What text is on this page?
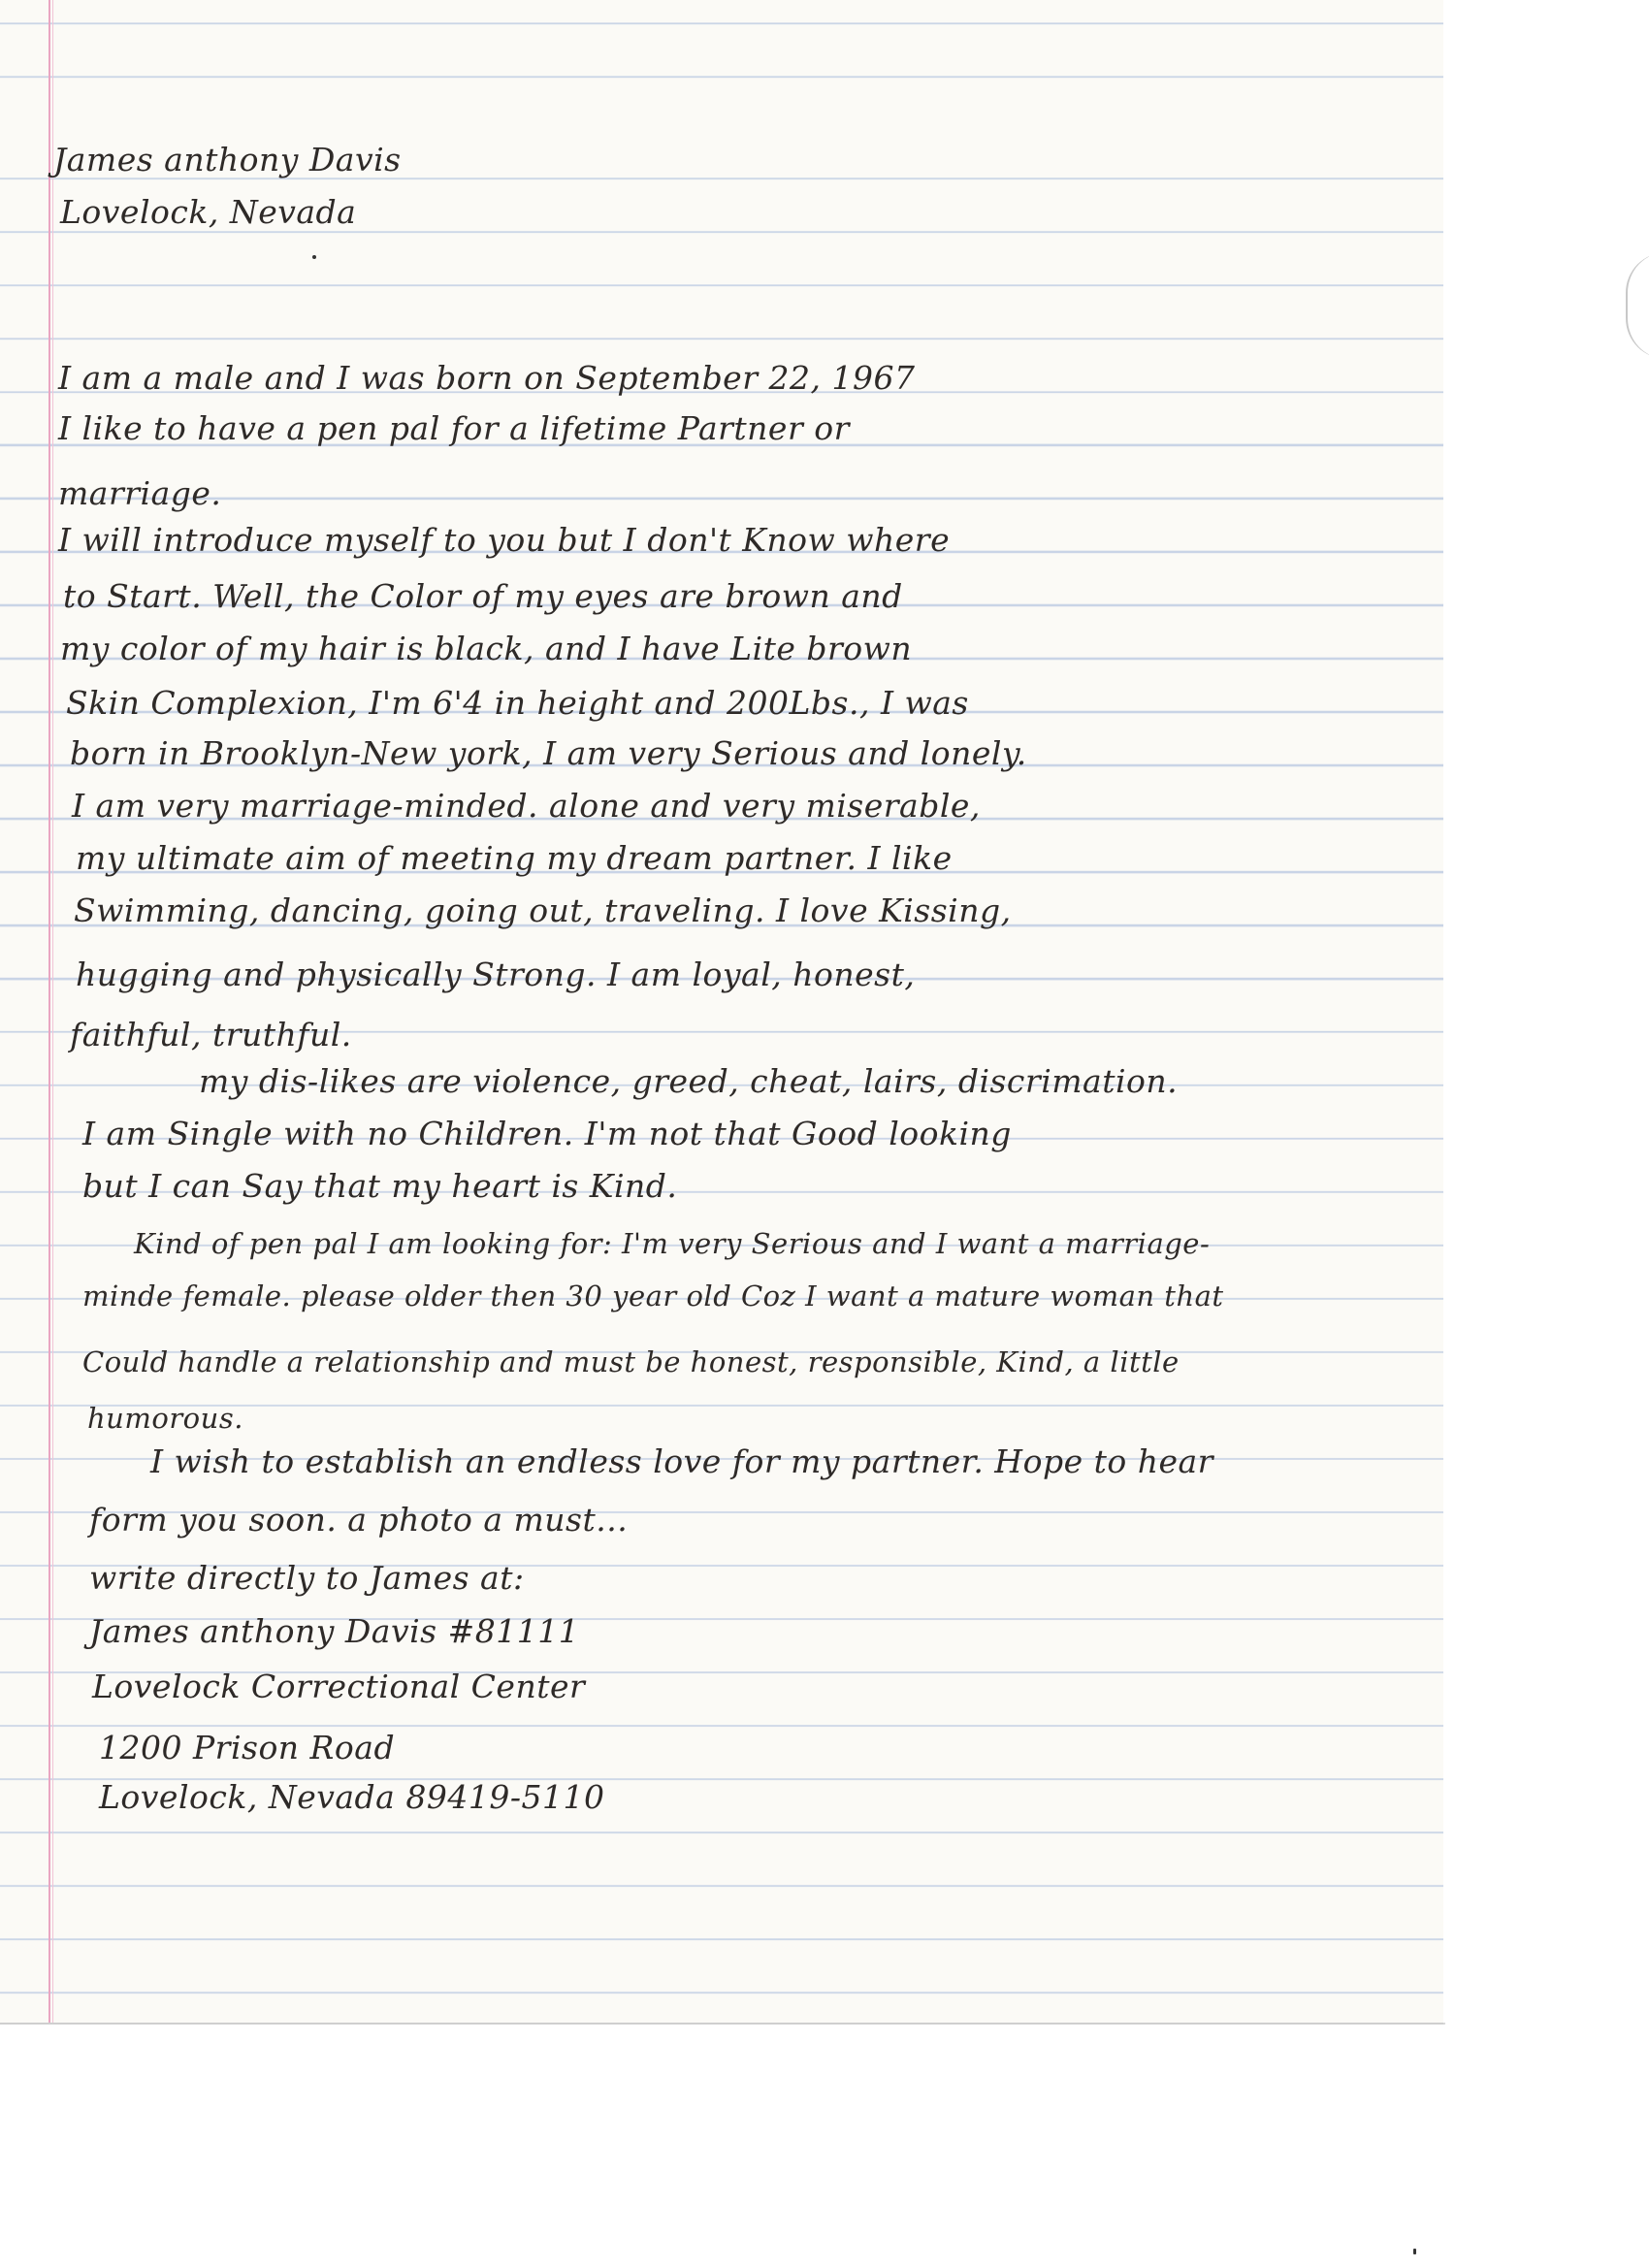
James anthony Davis
Lovelock, Nevada
I am a male and I was born on September 22, 1967
I like to have a pen pal for a lifetime Partner or
marriage.
I will introduce myself to you but I don't Know where
to Start. Well, the Color of my eyes are brown and
my color of my hair is black, and I have Lite brown
Skin Complexion, I'm 6'4 in height and 200Lbs., I was
born in Brooklyn-New york, I am very Serious and lonely.
I am very marriage-minded. alone and very miserable,
my ultimate aim of meeting my dream partner. I like
Swimming, dancing, going out, traveling. I love Kissing,
hugging and physically Strong. I am loyal, honest,
faithful, truthful.
my dis-likes are violence, greed, cheat, lairs, discrimation.
I am Single with no Children. I'm not that Good looking
but I can Say that my heart is Kind.
Kind of pen pal I am looking for: I'm very Serious and I want a marriage-
minde female. please older then 30 year old Coz I want a mature woman that
Could handle a relationship and must be honest, responsible, Kind, a little
humorous.
I wish to establish an endless love for my partner. Hope to hear
form you soon. a photo a must...
write directly to James at:
James anthony Davis #81111
Lovelock Correctional Center
1200 Prison Road
Lovelock, Nevada 89419-5110
